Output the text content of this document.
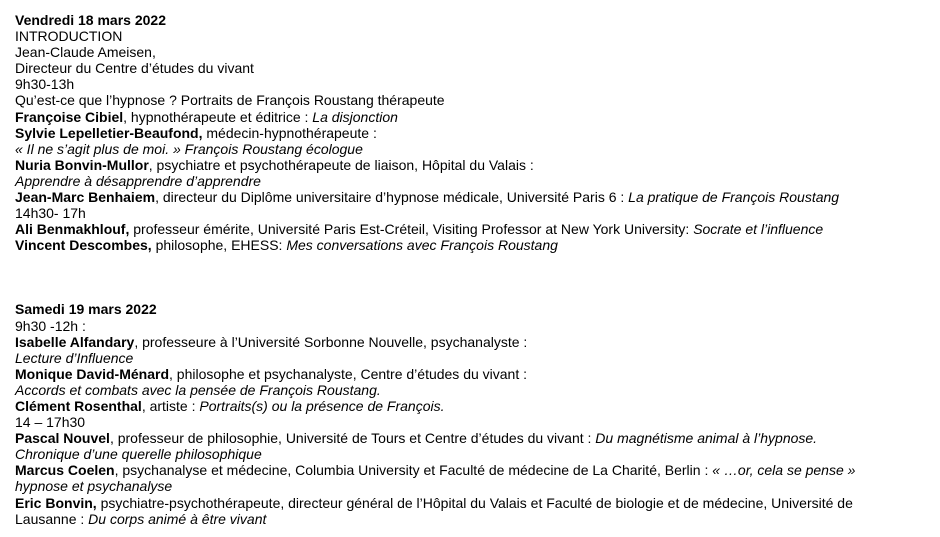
Vendredi 18 mars 2022
INTRODUCTION
Jean-Claude Ameisen,
Directeur du Centre d’études du vivant
9h30-13h
Qu’est-ce que l’hypnose ? Portraits de François Roustang thérapeute
Françoise Cibiel, hypnothérapeute et éditrice : La disjonction
Sylvie Lepelletier-Beaufond, médecin-hypnothérapeute :
« Il ne s’agit plus de moi. » François Roustang écologue
Nuria Bonvin-Mullor, psychiatre et psychothérapeute de liaison, Hôpital du Valais :
Apprendre à désapprendre d’apprendre
Jean-Marc Benhaiem, directeur du Diplôme universitaire d’hypnose médicale, Université Paris 6 : La pratique de François Roustang
14h30- 17h
Ali Benmakhlouf, professeur émérite, Université Paris Est-Créteil, Visiting Professor at New York University: Socrate et l’influence
Vincent Descombes, philosophe, EHESS: Mes conversations avec François Roustang
Samedi 19 mars 2022
9h30 -12h :
Isabelle Alfandary, professeure à l’Université Sorbonne Nouvelle, psychanalyste :
Lecture d’Influence
Monique David-Ménard, philosophe et psychanalyste, Centre d’études du vivant :
Accords et combats avec la pensée de François Roustang.
Clément Rosenthal, artiste : Portraits(s) ou la présence de François.
14 – 17h30
Pascal Nouvel, professeur de philosophie, Université de Tours et Centre d’études du vivant : Du magnétisme animal à l’hypnose.
Chronique d’une querelle philosophique
Marcus Coelen, psychanalyse et médecine, Columbia University et Faculté de médecine de La Charité, Berlin : « …or, cela se pense »
hypnose et psychanalyse
Eric Bonvin, psychiatre-psychothérapeute, directeur général de l’Hôpital du Valais et Faculté de biologie et de médecine, Université de
Lausanne : Du corps animé à être vivant
